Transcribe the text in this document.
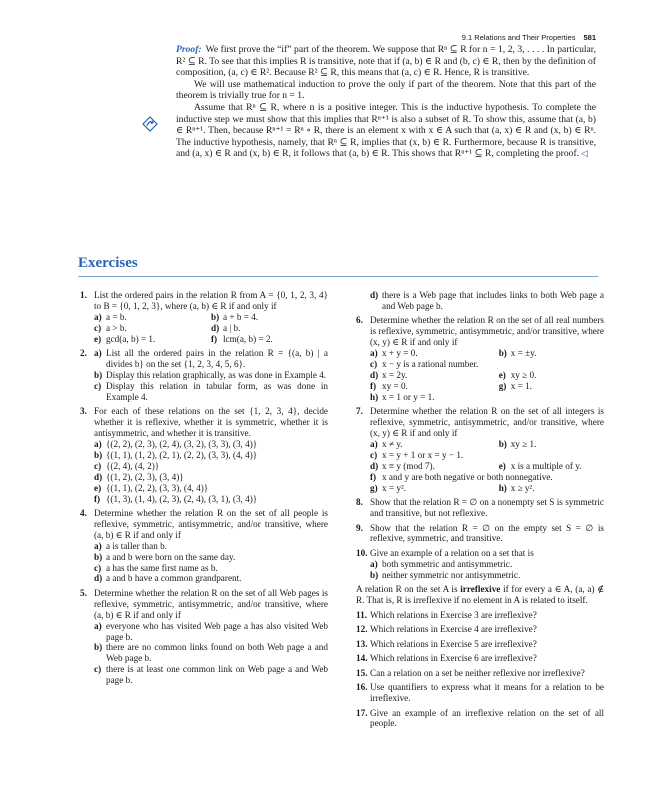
9.1 Relations and Their Properties 581

Proof: We first prove the “if” part of the theorem. We suppose that Rⁿ ⊆ R for n = 1, 2, 3, . . . . In particular, R² ⊆ R. To see that this implies R is transitive, note that if (a, b) ∈ R and (b, c) ∈ R, then by the definition of composition, (a, c) ∈ R². Because R² ⊆ R, this means that (a, c) ∈ R. Hence, R is transitive.

We will use mathematical induction to prove the only if part of the theorem. Note that this part of the theorem is trivially true for n = 1.

Assume that Rⁿ ⊆ R, where n is a positive integer. This is the inductive hypothesis. To complete the inductive step we must show that this implies that Rⁿ⁺¹ is also a subset of R. To show this, assume that (a, b) ∈ Rⁿ⁺¹. Then, because Rⁿ⁺¹ = Rⁿ ∘ R, there is an element x with x ∈ A such that (a, x) ∈ R and (x, b) ∈ Rⁿ. The inductive hypothesis, namely, that Rⁿ ⊆ R, implies that (x, b) ∈ R. Furthermore, because R is transitive, and (a, x) ∈ R and (x, b) ∈ R, it follows that (a, b) ∈ R. This shows that Rⁿ⁺¹ ⊆ R, completing the proof. ◁

Exercises
1. List the ordered pairs in the relation R from A = {0, 1, 2, 3, 4} to B = {0, 1, 2, 3}, where (a, b) ∈ R if and only if
a) a = b.	b) a + b = 4.
c) a > b.	d) a | b.
e) gcd(a, b) = 1.	f) lcm(a, b) = 2.
2. a) List all the ordered pairs in the relation R = {(a, b) | a divides b} on the set {1, 2, 3, 4, 5, 6}.
b) Display this relation graphically, as was done in Example 4.
c) Display this relation in tabular form, as was done in Example 4.
3. For each of these relations on the set {1, 2, 3, 4}, decide whether it is reflexive, whether it is symmetric, whether it is antisymmetric, and whether it is transitive.
a) {(2, 2), (2, 3), (2, 4), (3, 2), (3, 3), (3, 4)}
b) {(1, 1), (1, 2), (2, 1), (2, 2), (3, 3), (4, 4)}
c) {(2, 4), (4, 2)}
d) {(1, 2), (2, 3), (3, 4)}
e) {(1, 1), (2, 2), (3, 3), (4, 4)}
f) {(1, 3), (1, 4), (2, 3), (2, 4), (3, 1), (3, 4)}
4. Determine whether the relation R on the set of all people is reflexive, symmetric, antisymmetric, and/or transitive, where (a, b) ∈ R if and only if
a) a is taller than b.
b) a and b were born on the same day.
c) a has the same first name as b.
d) a and b have a common grandparent.
5. Determine whether the relation R on the set of all Web pages is reflexive, symmetric, antisymmetric, and/or transitive, where (a, b) ∈ R if and only if
a) everyone who has visited Web page a has also visited Web page b.
b) there are no common links found on both Web page a and Web page b.
c) there is at least one common link on Web page a and Web page b.
d) there is a Web page that includes links to both Web page a and Web page b.
6. Determine whether the relation R on the set of all real numbers is reflexive, symmetric, antisymmetric, and/or transitive, where (x, y) ∈ R if and only if
a) x + y = 0.	b) x = ±y.
c) x − y is a rational number.
d) x = 2y.	e) xy ≥ 0.
f) xy = 0.	g) x = 1.
h) x = 1 or y = 1.
7. Determine whether the relation R on the set of all integers is reflexive, symmetric, antisymmetric, and/or transitive, where (x, y) ∈ R if and only if
a) x ≠ y.	b) xy ≥ 1.
c) x = y + 1 or x = y − 1.
d) x ≡ y (mod 7).	e) x is a multiple of y.
f) x and y are both negative or both nonnegative.
g) x = y².	h) x ≥ y².
8. Show that the relation R = ∅ on a nonempty set S is symmetric and transitive, but not reflexive.
9. Show that the relation R = ∅ on the empty set S = ∅ is reflexive, symmetric, and transitive.
10. Give an example of a relation on a set that is
a) both symmetric and antisymmetric.
b) neither symmetric nor antisymmetric.
A relation R on the set A is irreflexive if for every a ∈ A, (a, a) ∉ R. That is, R is irreflexive if no element in A is related to itself.
11. Which relations in Exercise 3 are irreflexive?
12. Which relations in Exercise 4 are irreflexive?
13. Which relations in Exercise 5 are irreflexive?
14. Which relations in Exercise 6 are irreflexive?
15. Can a relation on a set be neither reflexive nor irreflexive?
16. Use quantifiers to express what it means for a relation to be irreflexive.
17. Give an example of an irreflexive relation on the set of all people.
